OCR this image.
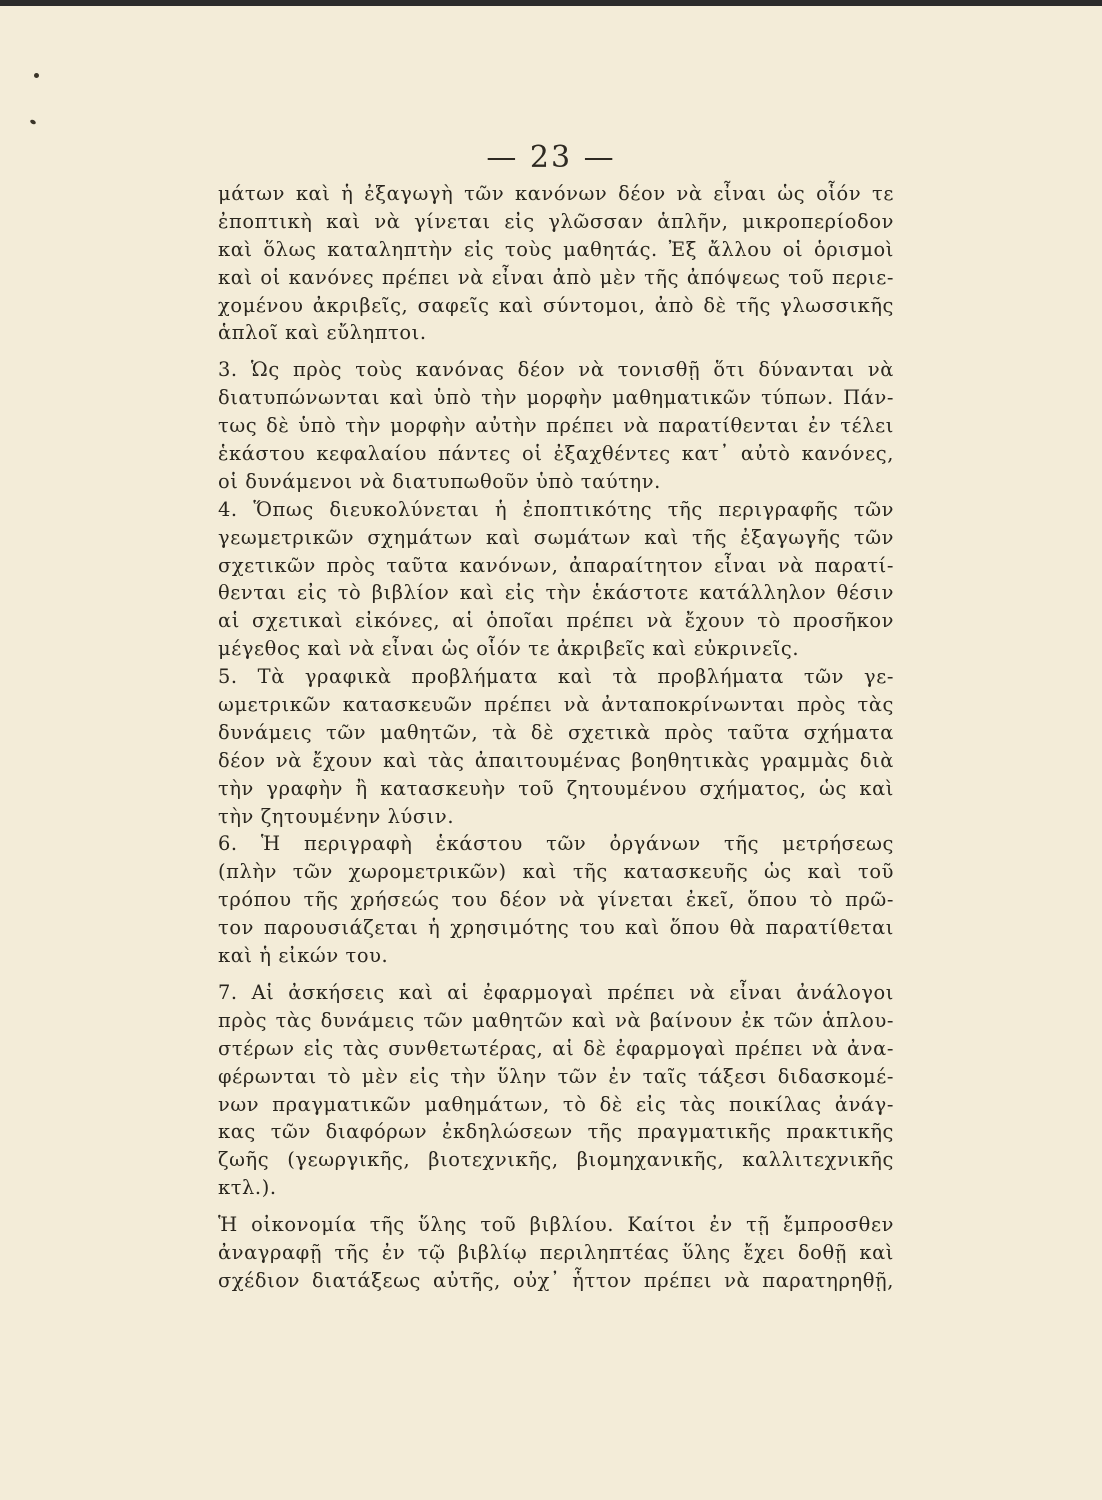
— 23 —
μάτων καὶ ἡ ἐξαγωγὴ τῶν κανόνων δέον νὰ εἶναι ὡς οἷόν τε
ἐποπτικὴ καὶ νὰ γίνεται εἰς γλῶσσαν ἁπλῆν, μικροπερίοδον
καὶ ὅλως καταληπτὴν εἰς τοὺς μαθητάς. Ἐξ ἄλλου οἱ ὁρισμοὶ
καὶ οἱ κανόνες πρέπει νὰ εἶναι ἀπὸ μὲν τῆς ἀπόψεως τοῦ περιε-
χομένου ἀκριβεῖς, σαφεῖς καὶ σύντομοι, ἀπὸ δὲ τῆς γλωσσικῆς
ἁπλοῖ καὶ εὔληπτοι.
3. Ὡς πρὸς τοὺς κανόνας δέον νὰ τονισθῇ ὅτι δύνανται νὰ
διατυπώνωνται καὶ ὑπὸ τὴν μορφὴν μαθηματικῶν τύπων. Πάν-
τως δὲ ὑπὸ τὴν μορφὴν αὐτὴν πρέπει νὰ παρατίθενται ἐν τέλει
ἑκάστου κεφαλαίου πάντες οἱ ἐξαχθέντες κατ᾿ αὐτὸ κανόνες,
οἱ δυνάμενοι νὰ διατυπωθοῦν ὑπὸ ταύτην.
4. Ὅπως διευκολύνεται ἡ ἐποπτικότης τῆς περιγραφῆς τῶν
γεωμετρικῶν σχημάτων καὶ σωμάτων καὶ τῆς ἐξαγωγῆς τῶν
σχετικῶν πρὸς ταῦτα κανόνων, ἀπαραίτητον εἶναι νὰ παρατί-
θενται εἰς τὸ βιβλίον καὶ εἰς τὴν ἑκάστοτε κατάλληλον θέσιν
αἱ σχετικαὶ εἰκόνες, αἱ ὁποῖαι πρέπει νὰ ἔχουν τὸ προσῆκον
μέγεθος καὶ νὰ εἶναι ὡς οἷόν τε ἀκριβεῖς καὶ εὐκρινεῖς.
5. Τὰ γραφικὰ προβλήματα καὶ τὰ προβλήματα τῶν γε-
ωμετρικῶν κατασκευῶν πρέπει νὰ ἀνταποκρίνωνται πρὸς τὰς
δυνάμεις τῶν μαθητῶν, τὰ δὲ σχετικὰ πρὸς ταῦτα σχήματα
δέον νὰ ἔχουν καὶ τὰς ἀπαιτουμένας βοηθητικὰς γραμμὰς διὰ
τὴν γραφὴν ἢ κατασκευὴν τοῦ ζητουμένου σχήματος, ὡς καὶ
τὴν ζητουμένην λύσιν.
6. Ἡ περιγραφὴ ἑκάστου τῶν ὀργάνων τῆς μετρήσεως
(πλὴν τῶν χωρομετρικῶν) καὶ τῆς κατασκευῆς ὡς καὶ τοῦ
τρόπου τῆς χρήσεώς του δέον νὰ γίνεται ἐκεῖ, ὅπου τὸ πρῶ-
τον παρουσιάζεται ἡ χρησιμότης του καὶ ὅπου θὰ παρατίθεται
καὶ ἡ εἰκών του.
7. Αἱ ἀσκήσεις καὶ αἱ ἐφαρμογαὶ πρέπει νὰ εἶναι ἀνάλογοι
πρὸς τὰς δυνάμεις τῶν μαθητῶν καὶ νὰ βαίνουν ἐκ τῶν ἁπλου-
στέρων εἰς τὰς συνθετωτέρας, αἱ δὲ ἐφαρμογαὶ πρέπει νὰ ἀνα-
φέρωνται τὸ μὲν εἰς τὴν ὕλην τῶν ἐν ταῖς τάξεσι διδασκομέ-
νων πραγματικῶν μαθημάτων, τὸ δὲ εἰς τὰς ποικίλας ἀνάγ-
κας τῶν διαφόρων ἐκδηλώσεων τῆς πραγματικῆς πρακτικῆς
ζωῆς (γεωργικῆς, βιοτεχνικῆς, βιομηχανικῆς, καλλιτεχνικῆς
κτλ.).
Ἡ οἰκονομία τῆς ὕλης τοῦ βιβλίου. Καίτοι ἐν τῇ ἔμπροσθεν
ἀναγραφῇ τῆς ἐν τῷ βιβλίῳ περιληπτέας ὕλης ἔχει δοθῇ καὶ
σχέδιον διατάξεως αὐτῆς, οὐχ᾿ ἧττον πρέπει νὰ παρατηρηθῇ,
